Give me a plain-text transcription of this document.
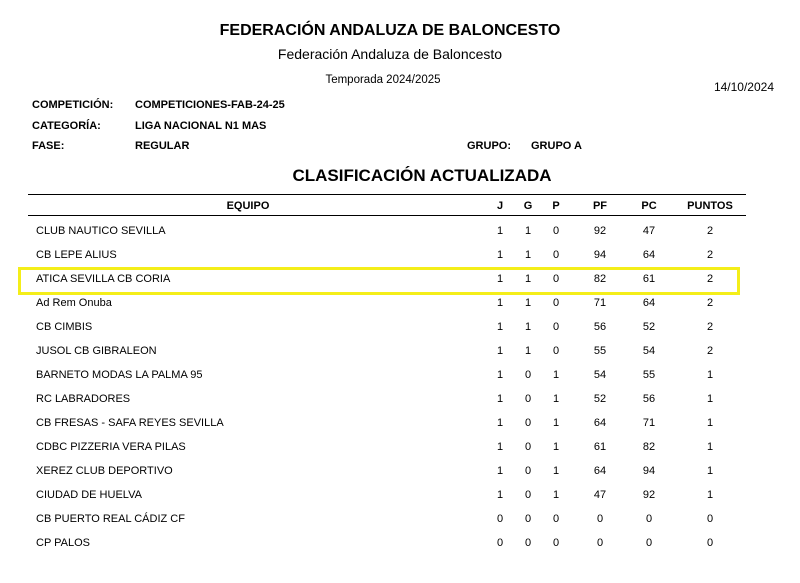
FEDERACIÓN ANDALUZA DE BALONCESTO
Federación Andaluza de Baloncesto
Temporada 2024/2025	14/10/2024
COMPETICIÓN: COMPETICIONES-FAB-24-25
CATEGORÍA:	LIGA NACIONAL N1 MAS
FASE:	REGULAR	GRUPO: GRUPO A
CLASIFICACIÓN ACTUALIZADA
EQUIPO	J	G	P	PF	PC	PUNTOS
CLUB NAUTICO SEVILLA	1	1	0	92	47	2
CB LEPE ALIUS	1	1	0	94	64	2
ATICA SEVILLA CB CORIA	1	1	0	82	61	2
Ad Rem Onuba	1	1	0	71	64	2
CB CIMBIS	1	1	0	56	52	2
JUSOL CB GIBRALEON	1	1	0	55	54	2
BARNETO MODAS LA PALMA 95	1	0	1	54	55	1
RC LABRADORES	1	0	1	52	56	1
CB FRESAS - SAFA REYES SEVILLA	1	0	1	64	71	1
CDBC PIZZERIA VERA PILAS	1	0	1	61	82	1
XEREZ CLUB DEPORTIVO	1	0	1	64	94	1
CIUDAD DE HUELVA	1	0	1	47	92	1
CB PUERTO REAL CÁDIZ CF	0	0	0	0	0	0
CP PALOS	0	0	0	0	0	0
